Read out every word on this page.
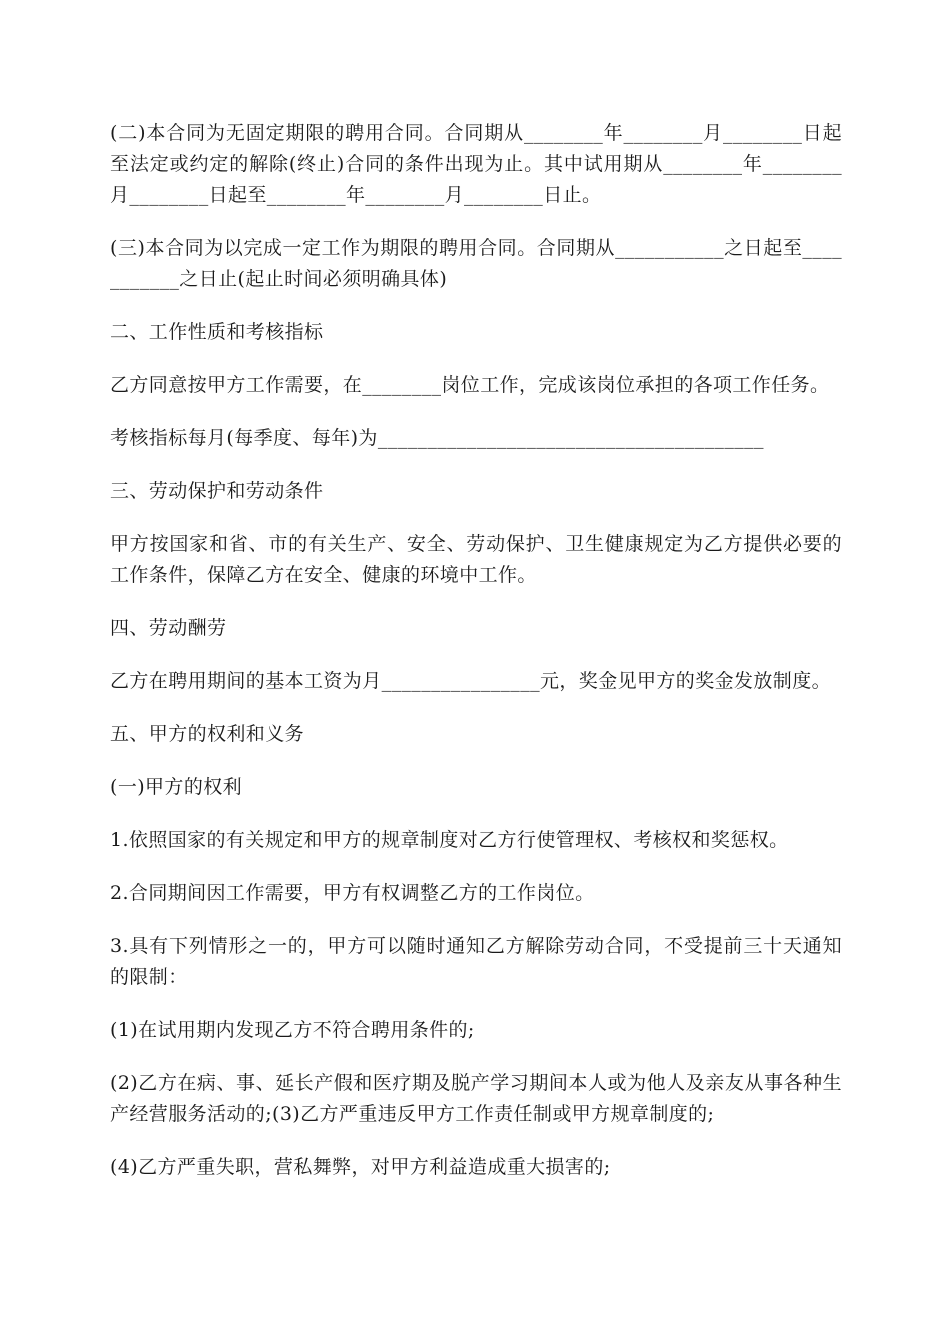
(二)本合同为无固定期限的聘用合同。合同期从________年________月________日起至法定或约定的解除(终止)合同的条件出现为止。其中试用期从________年________月________日起至________年________月________日止。

(三)本合同为以完成一定工作为期限的聘用合同。合同期从___________之日起至___________之日止(起止时间必须明确具体)

二、工作性质和考核指标

乙方同意按甲方工作需要，在________岗位工作，完成该岗位承担的各项工作任务。

考核指标每月(每季度、每年)为_______________________________________

三、劳动保护和劳动条件

甲方按国家和省、市的有关生产、安全、劳动保护、卫生健康规定为乙方提供必要的工作条件，保障乙方在安全、健康的环境中工作。

四、劳动酬劳

乙方在聘用期间的基本工资为月________________元，奖金见甲方的奖金发放制度。

五、甲方的权利和义务

(一)甲方的权利

1.依照国家的有关规定和甲方的规章制度对乙方行使管理权、考核权和奖惩权。

2.合同期间因工作需要，甲方有权调整乙方的工作岗位。

3.具有下列情形之一的，甲方可以随时通知乙方解除劳动合同，不受提前三十天通知的限制：

(1)在试用期内发现乙方不符合聘用条件的;

(2)乙方在病、事、延长产假和医疗期及脱产学习期间本人或为他人及亲友从事各种生产经营服务活动的;(3)乙方严重违反甲方工作责任制或甲方规章制度的;

(4)乙方严重失职，营私舞弊，对甲方利益造成重大损害的;
